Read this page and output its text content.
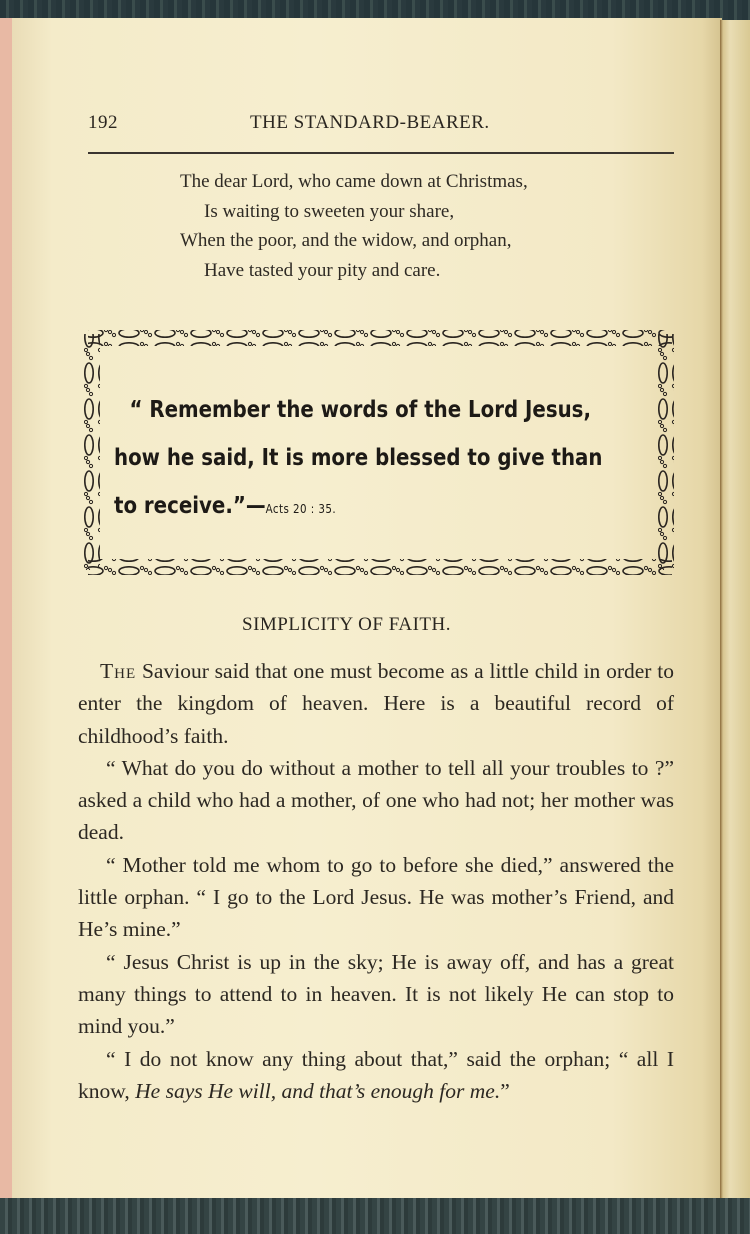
192	THE STANDARD-BEARER.
The dear Lord, who came down at Christmas,
Is waiting to sweeten your share,
When the poor, and the widow, and orphan,
Have tasted your pity and care.
“ Remember the words of the Lord Jesus,
how he said, It is more blessed to give than
to receive.”—Acts 20 : 35.
SIMPLICITY OF FAITH.

The Saviour said that one must become as a little child in order to enter the kingdom of heaven. Here is a beautiful record of childhood’s faith.

“ What do you do without a mother to tell all your troubles to ?” asked a child who had a mother, of one who had not; her mother was dead.

“ Mother told me whom to go to before she died,” answered the little orphan. “ I go to the Lord Jesus. He was mother’s Friend, and He’s mine.”

“ Jesus Christ is up in the sky; He is away off, and has a great many things to attend to in heaven. It is not likely He can stop to mind you.”

“ I do not know any thing about that,” said the orphan; “ all I know, He says He will, and that’s enough for me.”
